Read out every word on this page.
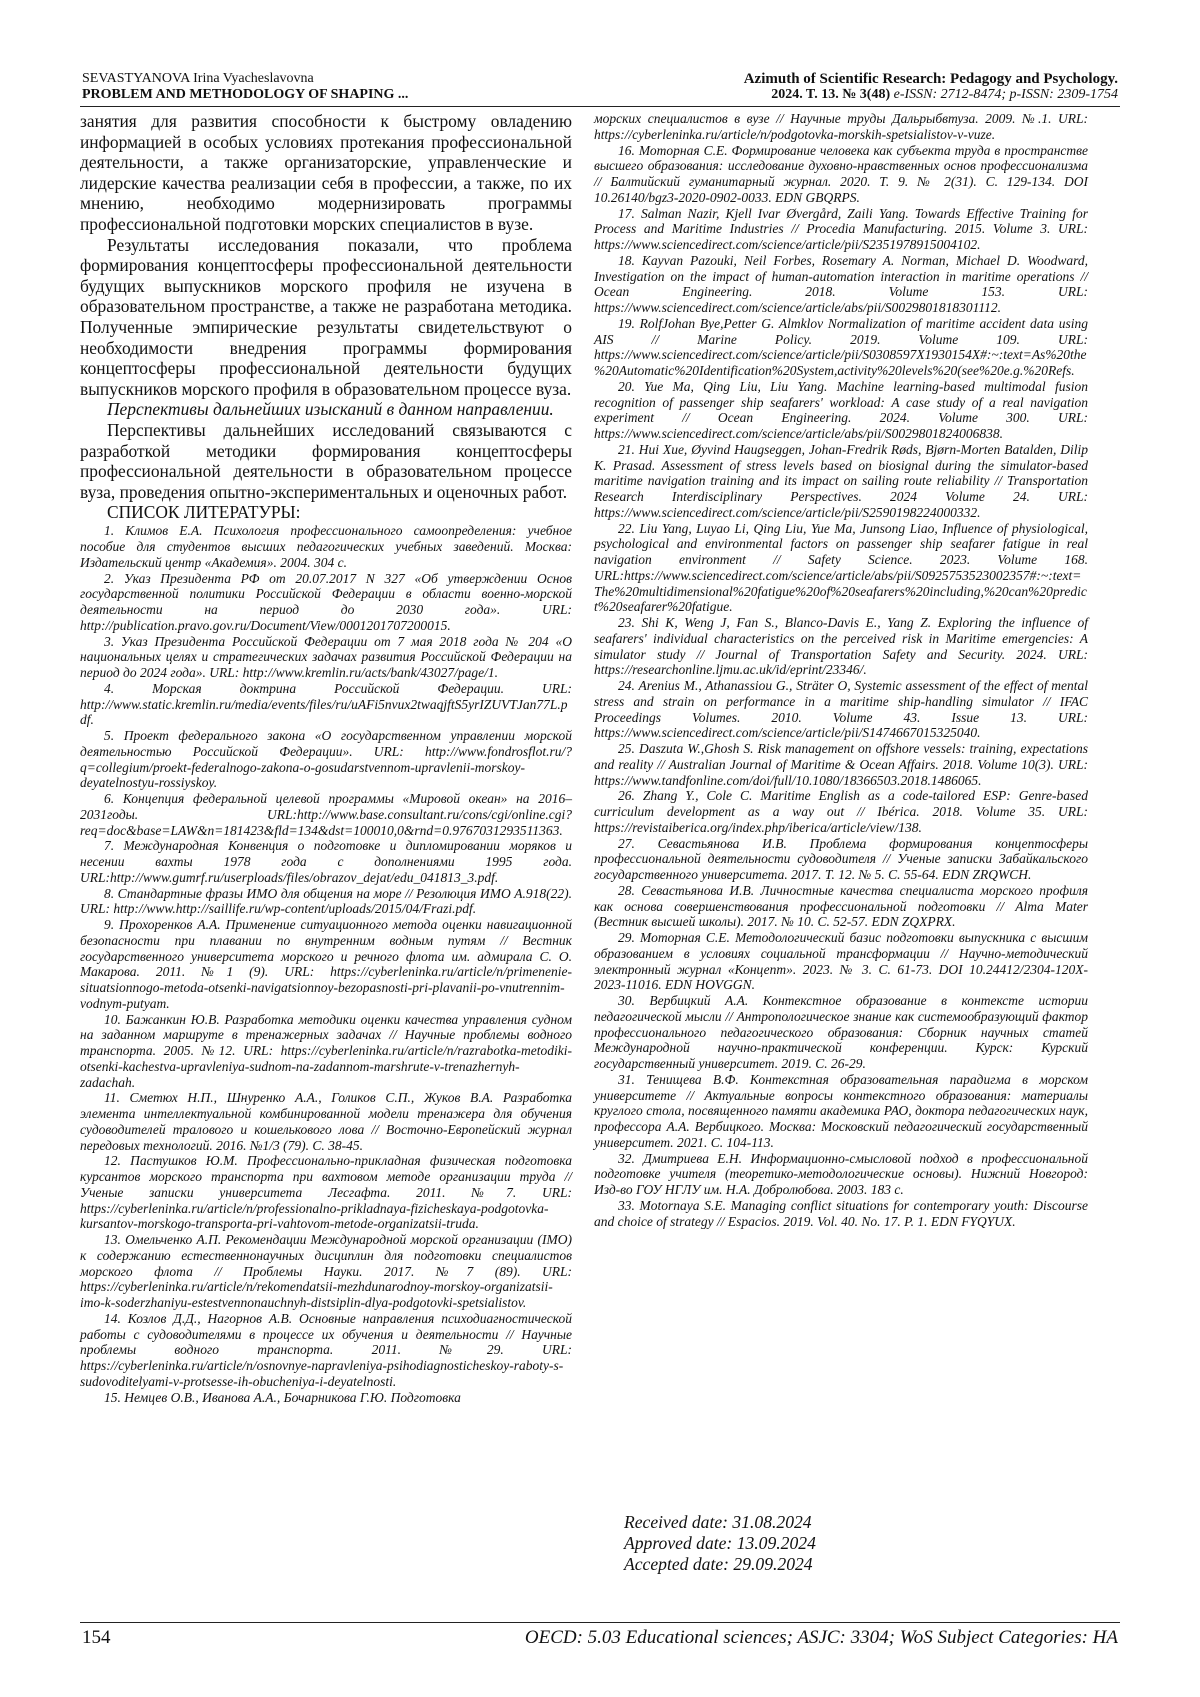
SEVASTYANOVA Irina Vyacheslavovna
PROBLEM AND METHODOLOGY OF SHAPING ...
Azimuth of Scientific Research: Pedagogy and Psychology.
2024. T. 13. № 3(48) e-ISSN: 2712-8474; p-ISSN: 2309-1754

занятия для развития способности к быстрому овладению информацией в особых условиях протекания профессиональной деятельности, а также организаторские, управленческие и лидерские качества реализации себя в профессии, а также, по их мнению, необходимо модернизировать программы профессиональной подготовки морских специалистов в вузе.

Результаты исследования показали, что проблема формирования концептосферы профессиональной деятельности будущих выпускников морского профиля не изучена в образовательном пространстве, а также не разработана методика. Полученные эмпирические результаты свидетельствуют о необходимости внедрения программы формирования концептосферы профессиональной деятельности будущих выпускников морского профиля в образовательном процессе вуза.

Перспективы дальнейших изысканий в данном направлении.

Перспективы дальнейших исследований связываются с разработкой методики формирования концептосферы профессиональной деятельности в образовательном процессе вуза, проведения опытно-экспериментальных и оценочных работ.

СПИСОК ЛИТЕРАТУРЫ:

1. Климов Е.А. Психология профессионального самоопределения: учебное пособие для студентов высших педагогических учебных заведений. Москва: Издательский центр «Академия». 2004. 304 с.

2. Указ Президента РФ от 20.07.2017 N 327 «Об утверждении Основ государственной политики Российской Федерации в области военно-морской деятельности на период до 2030 года». URL: http://publication.pravo.gov.ru/Document/View/0001201707200015.

3. Указ Президента Российской Федерации от 7 мая 2018 года № 204 «О национальных целях и стратегических задачах развития Российской Федерации на период до 2024 года». URL: http://www.kremlin.ru/acts/bank/43027/page/1.

4. Морская доктрина Российской Федерации. URL: http://www.static.kremlin.ru/media/events/files/ru/uAFi5nvux2twaqjftS5yrIZUVTJan77L.pdf.

5. Проект федерального закона «О государственном управлении морской деятельностью Российской Федерации». URL: http://www.fondrosflot.ru/?q=collegium/proekt-federalnogo-zakona-o-gosudarstvennom-upravlenii-morskoy-deyatelnostyu-rossiyskoy.

6. Концепция федеральной целевой программы «Мировой океан» на 2016–2031годы. URL:http://www.base.consultant.ru/cons/cgi/online.cgi?req=doc&base=LAW&n=181423&fld=134&dst=100010,0&rnd=0.9767031293511363.

7. Международная Конвенция о подготовке и дипломировании моряков и несении вахты 1978 года с дополнениями 1995 года. URL:http://www.gumrf.ru/userploads/files/obrazov_dejat/edu_041813_3.pdf.

8. Стандартные фразы ИМО для общения на море // Резолюция ИМО A.918(22). URL: http://www.http://saillife.ru/wp-content/uploads/2015/04/Frazi.pdf.

9. Прохоренков А.А. Применение ситуационного метода оценки навигационной безопасности при плавании по внутренним водным путям // Вестник государственного университета морского и речного флота им. адмирала С. О. Макарова. 2011. №1 (9). URL: https://cyberleninka.ru/article/n/primenenie-situatsionnogo-metoda-otsenki-navigatsionnoy-bezopasnosti-pri-plavanii-po-vnutrennim-vodnym-putyam.

10. Бажанкин Ю.В. Разработка методики оценки качества управления судном на заданном маршруте в тренажерных задачах // Научные проблемы водного транспорта. 2005. №12. URL: https://cyberleninka.ru/article/n/razrabotka-metodiki-otsenki-kachestva-upravleniya-sudnom-na-zadannom-marshrute-v-trenazhernyh-zadachah.

11. Сметюх Н.П., Шнуренко А.А., Голиков С.П., Жуков В.А. Разработка элемента интеллектуальной комбинированной модели тренажера для обучения судоводителей тралового и кошелькового лова // Восточно-Европейский журнал передовых технологий. 2016. №1/3 (79). С. 38-45.

12. Пастушков Ю.М. Профессионально-прикладная физическая подготовка курсантов морского транспорта при вахтовом методе организации труда // Ученые записки университета Лесгафта. 2011. №7. URL: https://cyberleninka.ru/article/n/professionalno-prikladnaya-fizicheskaya-podgotovka-kursantov-morskogo-transporta-pri-vahtovom-metode-organizatsii-truda.

13. Омельченко А.П. Рекомендации Международной морской организации (IMO) к содержанию естественнонаучных дисциплин для подготовки специалистов морского флота // Проблемы Науки. 2017. №7 (89). URL: https://cyberleninka.ru/article/n/rekomendatsii-mezhdunarodnoy-morskoy-organizatsii-imo-k-soderzhaniyu-estestvennonauchnyh-distsiplin-dlya-podgotovki-spetsialistov.

14. Козлов Д.Д., Нагорнов А.В. Основные направления психодиагностической работы с судоводителями в процессе их обучения и деятельности // Научные проблемы водного транспорта. 2011. №29. URL: https://cyberleninka.ru/article/n/osnovnye-napravleniya-psihodiagnosticheskoy-raboty-s-sudovoditelyami-v-protsesse-ih-obucheniya-i-deyatelnosti.

15. Немцев О.В., Иванова А.А., Бочарникова Г.Ю. Подготовка

морских специалистов в вузе // Научные труды Дальрыбвтуза. 2009. №.1. URL: https://cyberleninka.ru/article/n/podgotovka-morskih-spetsialistov-v-vuze.

16. Моторная С.Е. Формирование человека как субъекта труда в пространстве высшего образования: исследование духовно-нравственных основ профессионализма // Балтийский гуманитарный журнал. 2020. Т. 9. № 2(31). С. 129-134. DOI 10.26140/bgz3-2020-0902-0033. EDN GBQRPS.

17. Salman Nazir, Kjell Ivar Øvergård, Zaili Yang. Towards Effective Training for Process and Maritime Industries // Procedia Manufacturing. 2015. Volume 3. URL: https://www.sciencedirect.com/science/article/pii/S2351978915004102.

18. Kayvan Pazouki, Neil Forbes, Rosemary A. Norman, Michael D. Woodward, Investigation on the impact of human-automation interaction in maritime operations // Ocean Engineering. 2018. Volume 153. URL: https://www.sciencedirect.com/science/article/abs/pii/S0029801818301112.

19. RolfJohan Bye,Petter G. Almklov Normalization of maritime accident data using AIS // Marine Policy. 2019. Volume 109. URL: https://www.sciencedirect.com/science/article/pii/S0308597X1930154X#:~:text=As%20the%20Automatic%20Identification%20System,activity%20levels%20(see%20e.g.%20Refs.

20. Yue Ma, Qing Liu, Liu Yang. Machine learning-based multimodal fusion recognition of passenger ship seafarers' workload: A case study of a real navigation experiment // Ocean Engineering. 2024. Volume 300. URL: https://www.sciencedirect.com/science/article/abs/pii/S0029801824006838.

21. Hui Xue, Øyvind Haugseggen, Johan-Fredrik Røds, Bjørn-Morten Batalden, Dilip K. Prasad. Assessment of stress levels based on biosignal during the simulator-based maritime navigation training and its impact on sailing route reliability // Transportation Research Interdisciplinary Perspectives. 2024 Volume 24. URL: https://www.sciencedirect.com/science/article/pii/S2590198224000332.

22. Liu Yang, Luyao Li, Qing Liu, Yue Ma, Junsong Liao, Influence of physiological, psychological and environmental factors on passenger ship seafarer fatigue in real navigation environment // Safety Science. 2023. Volume 168. URL:https://www.sciencedirect.com/science/article/abs/pii/S0925753523002357#:~:text=The%20multidimensional%20fatigue%20of%20seafarers%20including,%20can%20predict%20seafarer%20fatigue.

23. Shi K, Weng J, Fan S., Blanco-Davis E., Yang Z. Exploring the influence of seafarers' individual characteristics on the perceived risk in Maritime emergencies: A simulator study // Journal of Transportation Safety and Security. 2024. URL: https://researchonline.ljmu.ac.uk/id/eprint/23346/.

24. Arenius M., Athanassiou G., Sträter O, Systemic assessment of the effect of mental stress and strain on performance in a maritime ship-handling simulator // IFAC Proceedings Volumes. 2010. Volume 43. Issue 13. URL: https://www.sciencedirect.com/science/article/pii/S1474667015325040.

25. Daszuta W.,Ghosh S. Risk management on offshore vessels: training, expectations and reality // Australian Journal of Maritime & Ocean Affairs. 2018. Volume 10(3). URL: https://www.tandfonline.com/doi/full/10.1080/18366503.2018.1486065.

26. Zhang Y., Cole C. Maritime English as a code-tailored ESP: Genre-based curriculum development as a way out // Ibérica. 2018. Volume 35. URL: https://revistaiberica.org/index.php/iberica/article/view/138.

27. Севастьянова И.В. Проблема формирования концептосферы профессиональной деятельности судоводителя // Ученые записки Забайкальского государственного университета. 2017. Т. 12. № 5. С. 55-64. EDN ZRQWCH.

28. Севастьянова И.В. Личностные качества специалиста морского профиля как основа совершенствования профессиональной подготовки // Alma Mater (Вестник высшей школы). 2017. № 10. С. 52-57. EDN ZQXPRX.

29. Моторная С.Е. Методологический базис подготовки выпускника с высшим образованием в условиях социальной трансформации // Научно-методический электронный журнал «Концепт». 2023. № 3. С. 61-73. DOI 10.24412/2304-120X-2023-11016. EDN HOVGGN.

30. Вербицкий А.А. Контекстное образование в контексте истории педагогической мысли // Антропологическое знание как системообразующий фактор профессионального педагогического образования: Сборник научных статей Международной научно-практической конференции. Курск: Курский государственный университет. 2019. С. 26-29.

31. Тенищева В.Ф. Контекстная образовательная парадигма в морском университете // Актуальные вопросы контекстного образования: материалы круглого стола, посвященного памяти академика РАО, доктора педагогических наук, профессора А.А. Вербицкого. Москва: Московский педагогический государственный университет. 2021. С. 104-113.

32. Дмитриева Е.Н. Информационно-смысловой подход в профессиональной подготовке учителя (теоретико-методологические основы). Нижний Новгород: Изд-во ГОУ НГЛУ им. Н.А. Добролюбова. 2003. 183 с.

33. Motornaya S.E. Managing conflict situations for contemporary youth: Discourse and choice of strategy // Espacios. 2019. Vol. 40. No. 17. P. 1. EDN FYQYUX.

Received date: 31.08.2024
Approved date: 13.09.2024
Accepted date: 29.09.2024
154	OECD: 5.03 Educational sciences; ASJC: 3304; WoS Subject Categories: HA
